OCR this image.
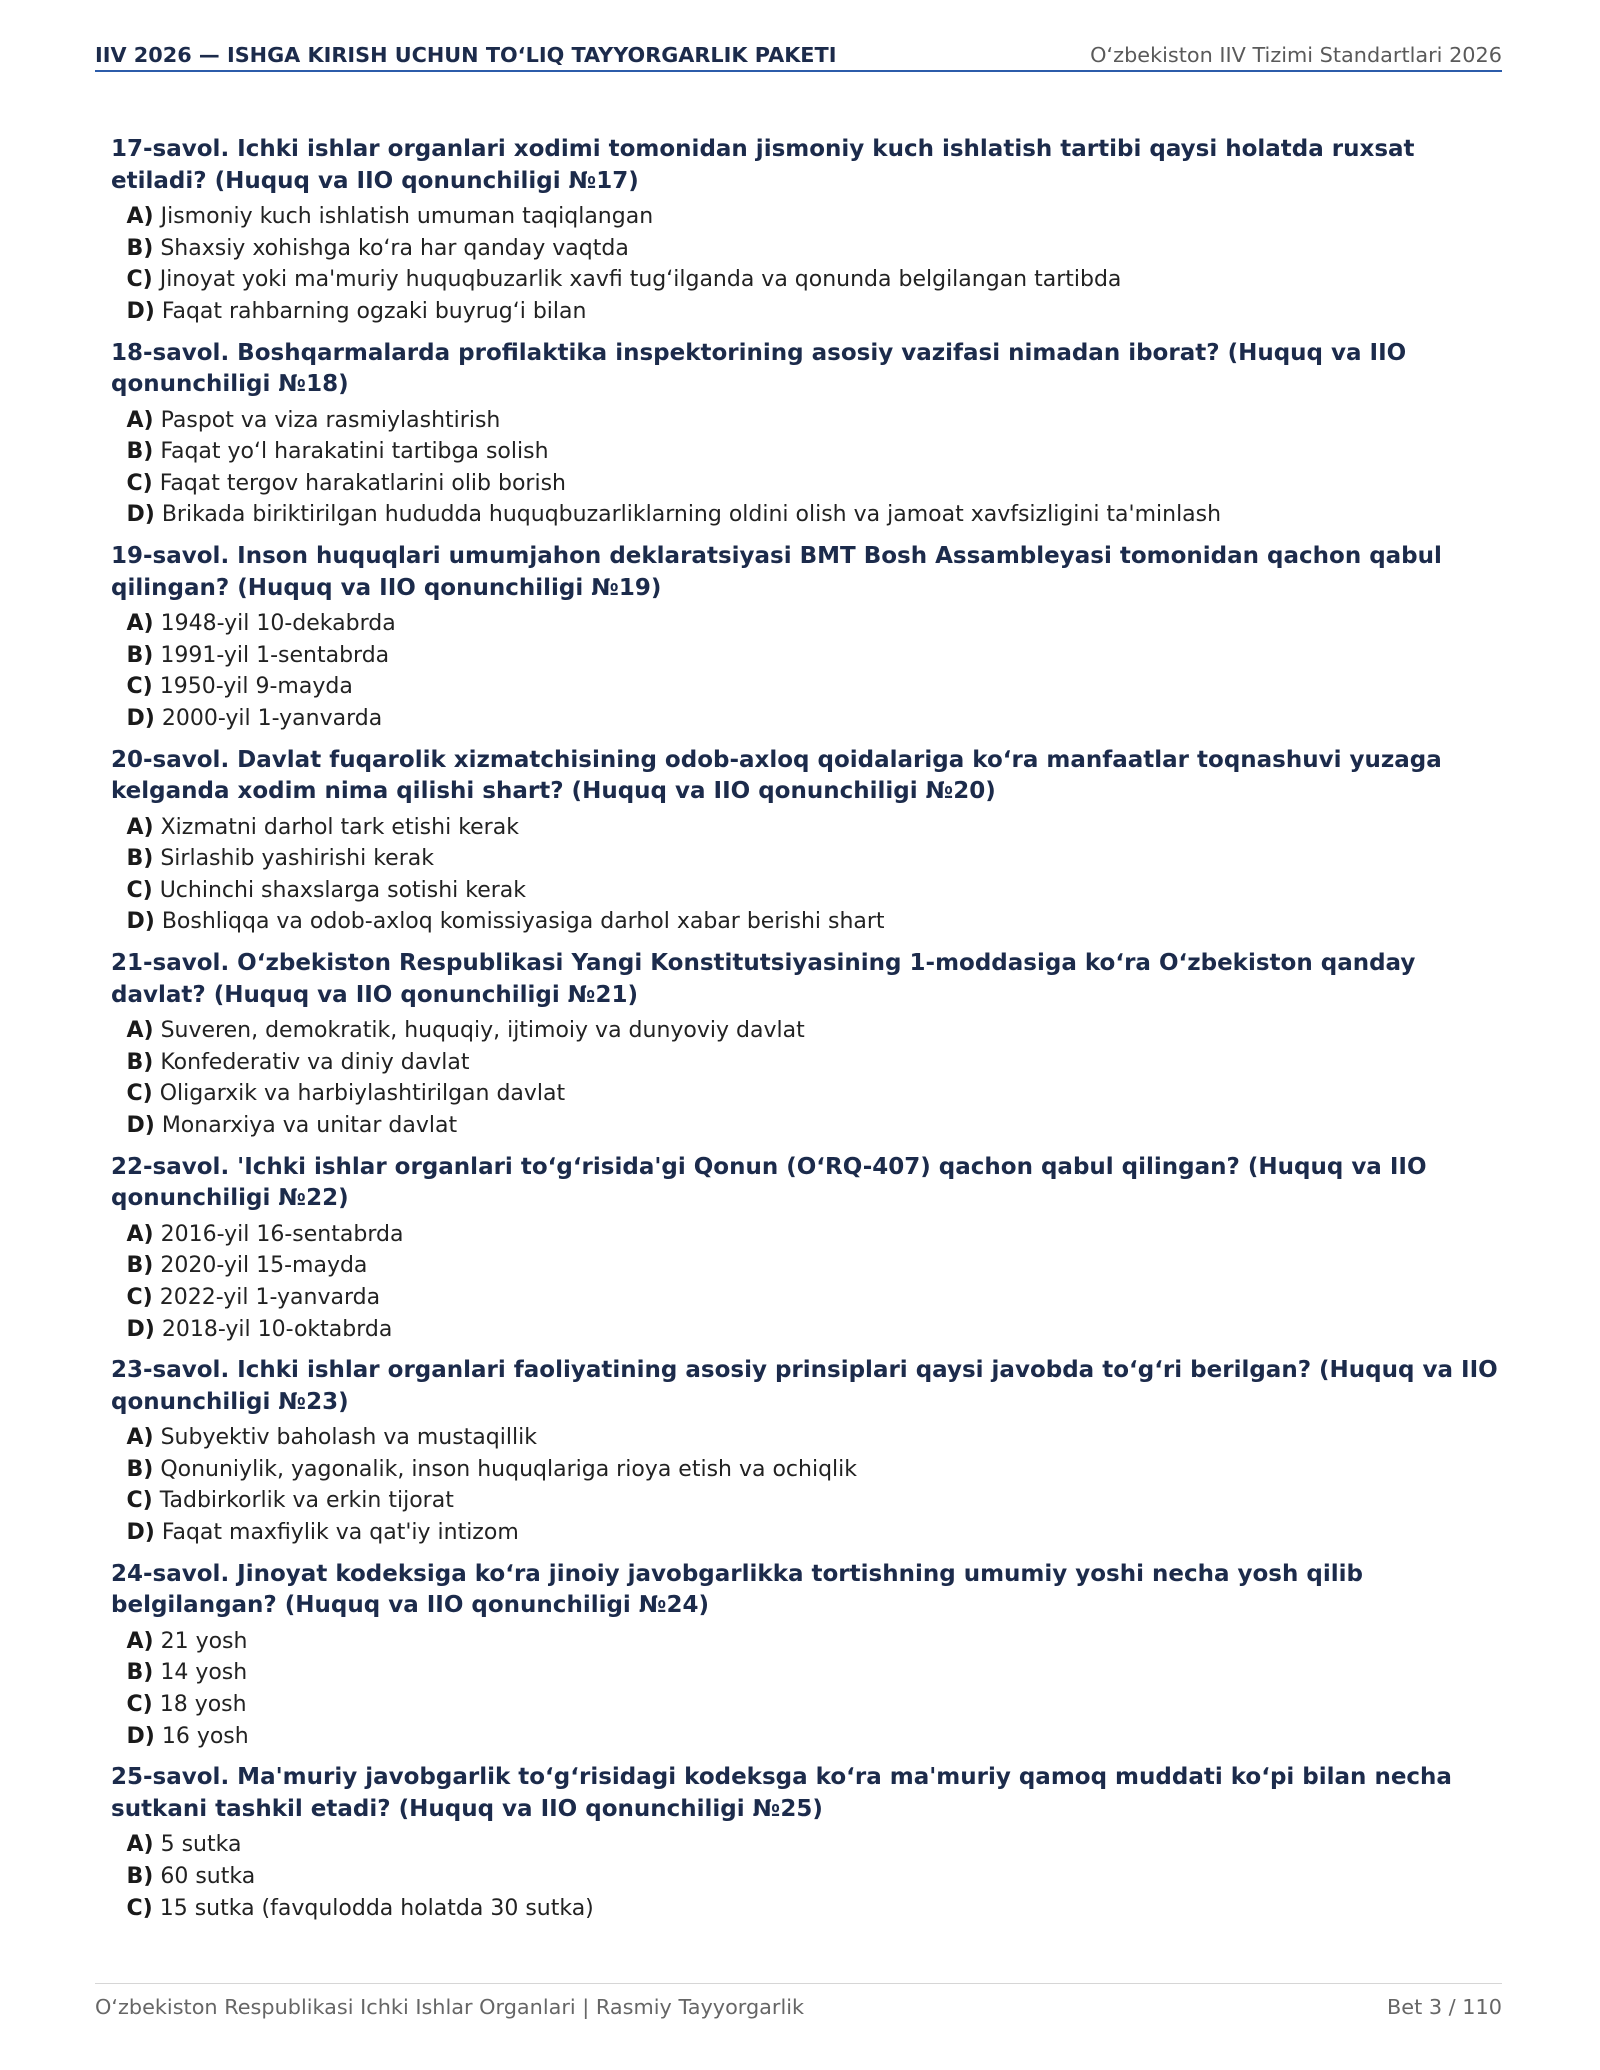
IIV 2026 — ISHGA KIRISH UCHUN TOʻLIQ TAYYORGARLIK PAKETI	Oʻzbekiston IIV Tizimi Standartlari 2026

17-savol. Ichki ishlar organlari xodimi tomonidan jismoniy kuch ishlatish tartibi qaysi holatda ruxsat etiladi? (Huquq va IIO qonunchiligi №17)

A) Jismoniy kuch ishlatish umuman taqiqlangan
B) Shaxsiy xohishga koʻra har qanday vaqtda
C) Jinoyat yoki ma'muriy huquqbuzarlik xavfi tugʻilganda va qonunda belgilangan tartibda
D) Faqat rahbarning ogzaki buyrugʻi bilan

18-savol. Boshqarmalarda profilaktika inspektorining asosiy vazifasi nimadan iborat? (Huquq va IIO qonunchiligi №18)

A) Paspot va viza rasmiylashtirish
B) Faqat yoʻl harakatini tartibga solish
C) Faqat tergov harakatlarini olib borish
D) Brikada biriktirilgan hududda huquqbuzarliklarning oldini olish va jamoat xavfsizligini ta'minlash

19-savol. Inson huquqlari umumjahon deklaratsiyasi BMT Bosh Assambleyasi tomonidan qachon qabul qilingan? (Huquq va IIO qonunchiligi №19)

A) 1948-yil 10-dekabrda
B) 1991-yil 1-sentabrda
C) 1950-yil 9-mayda
D) 2000-yil 1-yanvarda

20-savol. Davlat fuqarolik xizmatchisining odob-axloq qoidalariga koʻra manfaatlar toqnashuvi yuzaga kelganda xodim nima qilishi shart? (Huquq va IIO qonunchiligi №20)

A) Xizmatni darhol tark etishi kerak
B) Sirlashib yashirishi kerak
C) Uchinchi shaxslarga sotishi kerak
D) Boshliqqa va odob-axloq komissiyasiga darhol xabar berishi shart

21-savol. Oʻzbekiston Respublikasi Yangi Konstitutsiyasining 1-moddasiga koʻra Oʻzbekiston qanday davlat? (Huquq va IIO qonunchiligi №21)

A) Suveren, demokratik, huquqiy, ijtimoiy va dunyoviy davlat
B) Konfederativ va diniy davlat
C) Oligarxik va harbiylashtirilgan davlat
D) Monarxiya va unitar davlat

22-savol. 'Ichki ishlar organlari toʻgʻrisida'gi Qonun (OʻRQ-407) qachon qabul qilingan? (Huquq va IIO qonunchiligi №22)

A) 2016-yil 16-sentabrda
B) 2020-yil 15-mayda
C) 2022-yil 1-yanvarda
D) 2018-yil 10-oktabrda

23-savol. Ichki ishlar organlari faoliyatining asosiy prinsiplari qaysi javobda toʻgʻri berilgan? (Huquq va IIO qonunchiligi №23)

A) Subyektiv baholash va mustaqillik
B) Qonuniylik, yagonalik, inson huquqlariga rioya etish va ochiqlik
C) Tadbirkorlik va erkin tijorat
D) Faqat maxfiylik va qat'iy intizom

24-savol. Jinoyat kodeksiga koʻra jinoiy javobgarlikka tortishning umumiy yoshi necha yosh qilib belgilangan? (Huquq va IIO qonunchiligi №24)

A) 21 yosh
B) 14 yosh
C) 18 yosh
D) 16 yosh

25-savol. Ma'muriy javobgarlik toʻgʻrisidagi kodeksga koʻra ma'muriy qamoq muddati koʻpi bilan necha sutkani tashkil etadi? (Huquq va IIO qonunchiligi №25)

A) 5 sutka
B) 60 sutka
C) 15 sutka (favqulodda holatda 30 sutka)
Oʻzbekiston Respublikasi Ichki Ishlar Organlari | Rasmiy Tayyorgarlik	Bet 3 / 110
